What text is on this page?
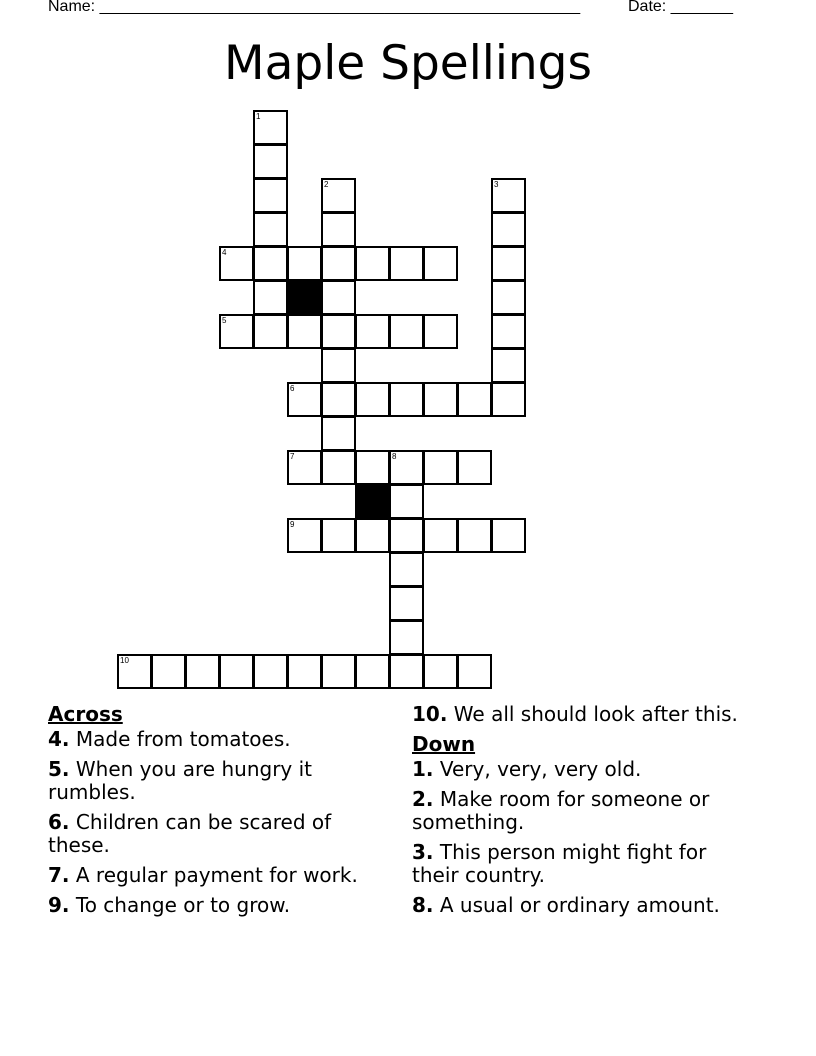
Name: ______________________________________________________	Date: _______
Maple Spellings
1
2	3
4
5
6
7	8
9
10
Across
4. Made from tomatoes.
5. When you are hungry it rumbles.
6. Children can be scared of these.
7. A regular payment for work.
9. To change or to grow.
10. We all should look after this.
Down
1. Very, very, very old.
2. Make room for someone or something.
3. This person might fight for their country.
8. A usual or ordinary amount.
